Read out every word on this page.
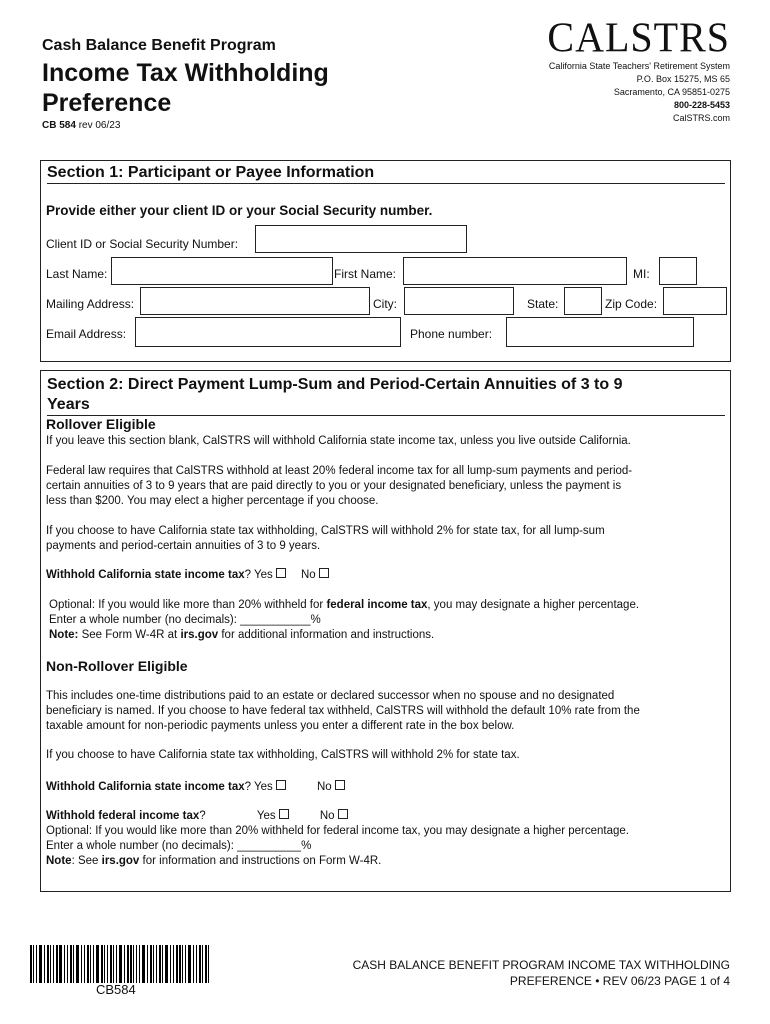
Cash Balance Benefit Program
Income Tax Withholding
Preference
CB 584 rev 06/23
CALSTRS
California State Teachers' Retirement System
P.O. Box 15275, MS 65
Sacramento, CA 95851-0275
800-228-5453
CalSTRS.com
Section 1: Participant or Payee Information
Provide either your client ID or your Social Security number.
Client ID or Social Security Number:
Last Name:	First Name:	MI:
Mailing Address:	City:	State:	Zip Code:
Email Address:	Phone number:
Section 2: Direct Payment Lump-Sum and Period-Certain Annuities of 3 to 9
Years
Rollover Eligible
If you leave this section blank, CalSTRS will withhold California state income tax, unless you live outside California.
Federal law requires that CalSTRS withhold at least 20% federal income tax for all lump-sum payments and period-
certain annuities of 3 to 9 years that are paid directly to you or your designated beneficiary, unless the payment is
less than $200. You may elect a higher percentage if you choose.
If you choose to have California state tax withholding, CalSTRS will withhold 2% for state tax, for all lump-sum
payments and period-certain annuities of 3 to 9 years.
Withhold California state income tax? Yes No
Optional: If you would like more than 20% withheld for federal income tax, you may designate a higher percentage.
Enter a whole number (no decimals): ___________%
Note: See Form W-4R at irs.gov for additional information and instructions.
Non-Rollover Eligible
This includes one-time distributions paid to an estate or declared successor when no spouse and no designated
beneficiary is named. If you choose to have federal tax withheld, CalSTRS will withhold the default 10% rate from the
taxable amount for non-periodic payments unless you enter a different rate in the box below.
If you choose to have California state tax withholding, CalSTRS will withhold 2% for state tax.
Withhold California state income tax? Yes	No
Withhold federal income tax?	Yes	No
Optional: If you would like more than 20% withheld for federal income tax, you may designate a higher percentage.
Enter a whole number (no decimals): __________%
Note: See irs.gov for information and instructions on Form W-4R.
CB584
CASH BALANCE BENEFIT PROGRAM INCOME TAX WITHHOLDING
PREFERENCE • REV 06/23 PAGE 1 of 4
